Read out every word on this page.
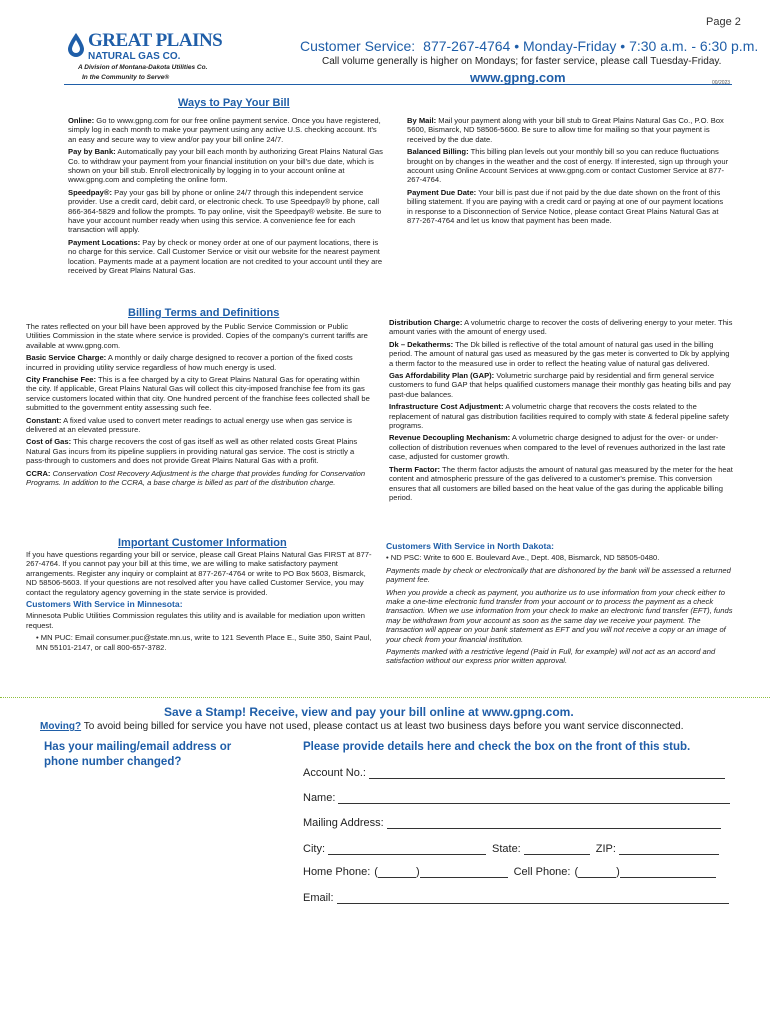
Page 2
GREAT PLAINS
NATURAL GAS CO.
A Division of Montana-Dakota Utilities Co.
In the Community to Serve®
Customer Service: 877-267-4764 • Monday-Friday • 7:30 a.m. - 6:30 p.m.
Call volume generally is higher on Mondays; for faster service, please call Tuesday-Friday.
www.gpng.com	00/2023
Ways to Pay Your Bill

Online: Go to www.gpng.com for our free online payment service. Once you have registered, simply log in each month to make your payment using any active U.S. checking account. It's an easy and secure way to view and/or pay your bill online 24/7.

Pay by Bank: Automatically pay your bill each month by authorizing Great Plains Natural Gas Co. to withdraw your payment from your financial institution on your bill's due date, which is shown on your bill stub. Enroll electronically by logging in to your account online at www.gpng.com and completing the online form.

Speedpay®: Pay your gas bill by phone or online 24/7 through this independent service provider. Use a credit card, debit card, or electronic check. To use Speedpay® by phone, call 866-364-5829 and follow the prompts. To pay online, visit the Speedpay® website. Be sure to have your account number ready when using this service. A convenience fee for each transaction will apply.

Payment Locations: Pay by check or money order at one of our payment locations, there is no charge for this service. Call Customer Service or visit our website for the nearest payment location. Payments made at a payment location are not credited to your account until they are received by Great Plains Natural Gas.

By Mail: Mail your payment along with your bill stub to Great Plains Natural Gas Co., P.O. Box 5600, Bismarck, ND 58506-5600. Be sure to allow time for mailing so that your payment is received by the due date.

Balanced Billing: This billing plan levels out your monthly bill so you can reduce fluctuations brought on by changes in the weather and the cost of energy. If interested, sign up through your account using Online Account Services at www.gpng.com or contact Customer Service at 877-267-4764.

Payment Due Date: Your bill is past due if not paid by the due date shown on the front of this billing statement. If you are paying with a credit card or paying at one of our payment locations in response to a Disconnection of Service Notice, please contact Great Plains Natural Gas at 877-267-4764 and let us know that payment has been made.

Billing Terms and Definitions

The rates reflected on your bill have been approved by the Public Service Commission or Public Utilities Commission in the state where service is provided. Copies of the company's current tariffs are available at www.gpng.com.

Basic Service Charge: A monthly or daily charge designed to recover a portion of the fixed costs incurred in providing utility service regardless of how much energy is used.

City Franchise Fee: This is a fee charged by a city to Great Plains Natural Gas for operating within the city. If applicable, Great Plains Natural Gas will collect this city-imposed franchise fee from its gas service customers located within that city. One hundred percent of the franchise fees collected shall be submitted to the government entity assessing such fee.

Constant: A fixed value used to convert meter readings to actual energy use when gas service is delivered at an elevated pressure.

Cost of Gas: This charge recovers the cost of gas itself as well as other related costs Great Plains Natural Gas incurs from its pipeline suppliers in providing natural gas service. The cost is strictly a pass-through to customers and does not provide Great Plains Natural Gas with a profit.

CCRA: Conservation Cost Recovery Adjustment is the charge that provides funding for Conservation Programs. In addition to the CCRA, a base charge is billed as part of the distribution charge.

Distribution Charge: A volumetric charge to recover the costs of delivering energy to your meter. This amount varies with the amount of energy used.

Dk – Dekatherms: The Dk billed is reflective of the total amount of natural gas used in the billing period. The amount of natural gas used as measured by the gas meter is converted to Dk by applying a therm factor to the measured use in order to reflect the heating value of natural gas delivered.

Gas Affordability Plan (GAP): Volumetric surcharge paid by residential and firm general service customers to fund GAP that helps qualified customers manage their monthly gas heating bills and pay past-due balances.

Infrastructure Cost Adjustment: A volumetric charge that recovers the costs related to the replacement of natural gas distribution facilities required to comply with state & federal pipeline safety programs.

Revenue Decoupling Mechanism: A volumetric charge designed to adjust for the over- or under-collection of distribution revenues when compared to the level of revenues authorized in the last rate case, adjusted for customer growth.

Therm Factor: The therm factor adjusts the amount of natural gas measured by the meter for the heat content and atmospheric pressure of the gas delivered to a customer's premise. This conversion ensures that all customers are billed based on the heat value of the gas during the applicable billing period.

Important Customer Information

If you have questions regarding your bill or service, please call Great Plains Natural Gas FIRST at 877-267-4764. If you cannot pay your bill at this time, we are willing to make satisfactory payment arrangements. Register any inquiry or complaint at 877-267-4764 or write to PO Box 5603, Bismarck, ND 58506-5603. If your questions are not resolved after you have called Customer Service, you may contact the regulatory agency governing in the state service is provided.

Customers With Service in Minnesota:

Minnesota Public Utilities Commission regulates this utility and is available for mediation upon written request.

• MN PUC: Email consumer.puc@state.mn.us, write to 121 Seventh Place E., Suite 350, Saint Paul, MN 55101-2147, or call 800-657-3782.

Customers With Service in North Dakota:

• ND PSC: Write to 600 E. Boulevard Ave., Dept. 408, Bismarck, ND 58505-0480.

Payments made by check or electronically that are dishonored by the bank will be assessed a returned payment fee.

When you provide a check as payment, you authorize us to use information from your check either to make a one-time electronic fund transfer from your account or to process the payment as a check transaction. When we use information from your check to make an electronic fund transfer (EFT), funds may be withdrawn from your account as soon as the same day we receive your payment. The transaction will appear on your bank statement as EFT and you will not receive a copy or an image of your check from your financial institution.

Payments marked with a restrictive legend (Paid in Full, for example) will not act as an accord and satisfaction without our express prior written approval.

Save a Stamp! Receive, view and pay your bill online at www.gpng.com.
Moving? To avoid being billed for service you have not used, please contact us at least two business days before you want service disconnected.
Has your mailing/email address or phone number changed?
Please provide details here and check the box on the front of this stub.
Account No.:
Name:
Mailing Address:
City:	State:	ZIP:
Home Phone: (	)	Cell Phone: (	)
Email:
